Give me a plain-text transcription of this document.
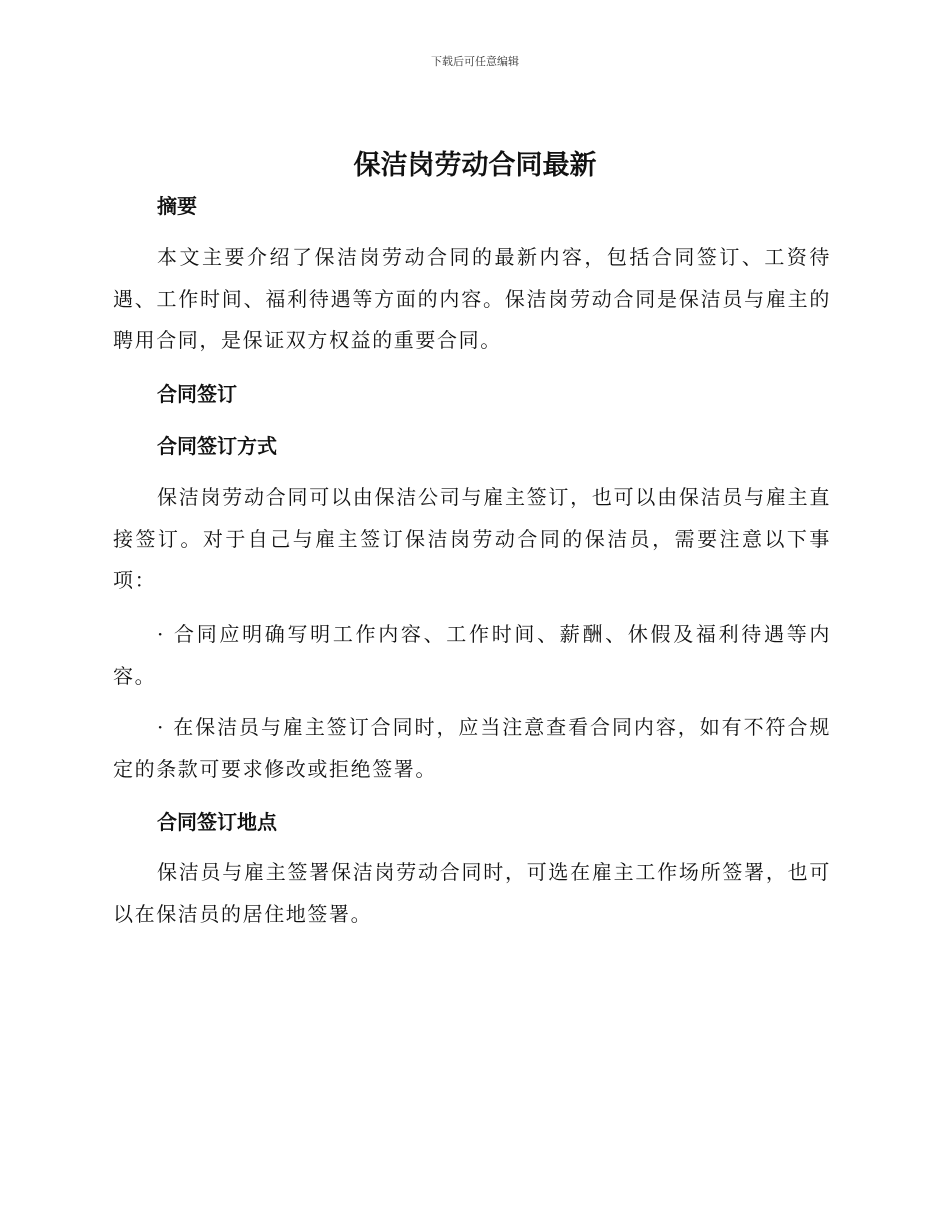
下载后可任意编辑
保洁岗劳动合同最新
摘要

本文主要介绍了保洁岗劳动合同的最新内容，包括合同签订、工资待遇、工作时间、福利待遇等方面的内容。保洁岗劳动合同是保洁员与雇主的聘用合同，是保证双方权益的重要合同。

合同签订
合同签订方式

保洁岗劳动合同可以由保洁公司与雇主签订，也可以由保洁员与雇主直接签订。对于自己与雇主签订保洁岗劳动合同的保洁员，需要注意以下事项：

· 合同应明确写明工作内容、工作时间、薪酬、休假及福利待遇等内容。

· 在保洁员与雇主签订合同时，应当注意查看合同内容，如有不符合规定的条款可要求修改或拒绝签署。

合同签订地点

保洁员与雇主签署保洁岗劳动合同时，可选在雇主工作场所签署，也可以在保洁员的居住地签署。
